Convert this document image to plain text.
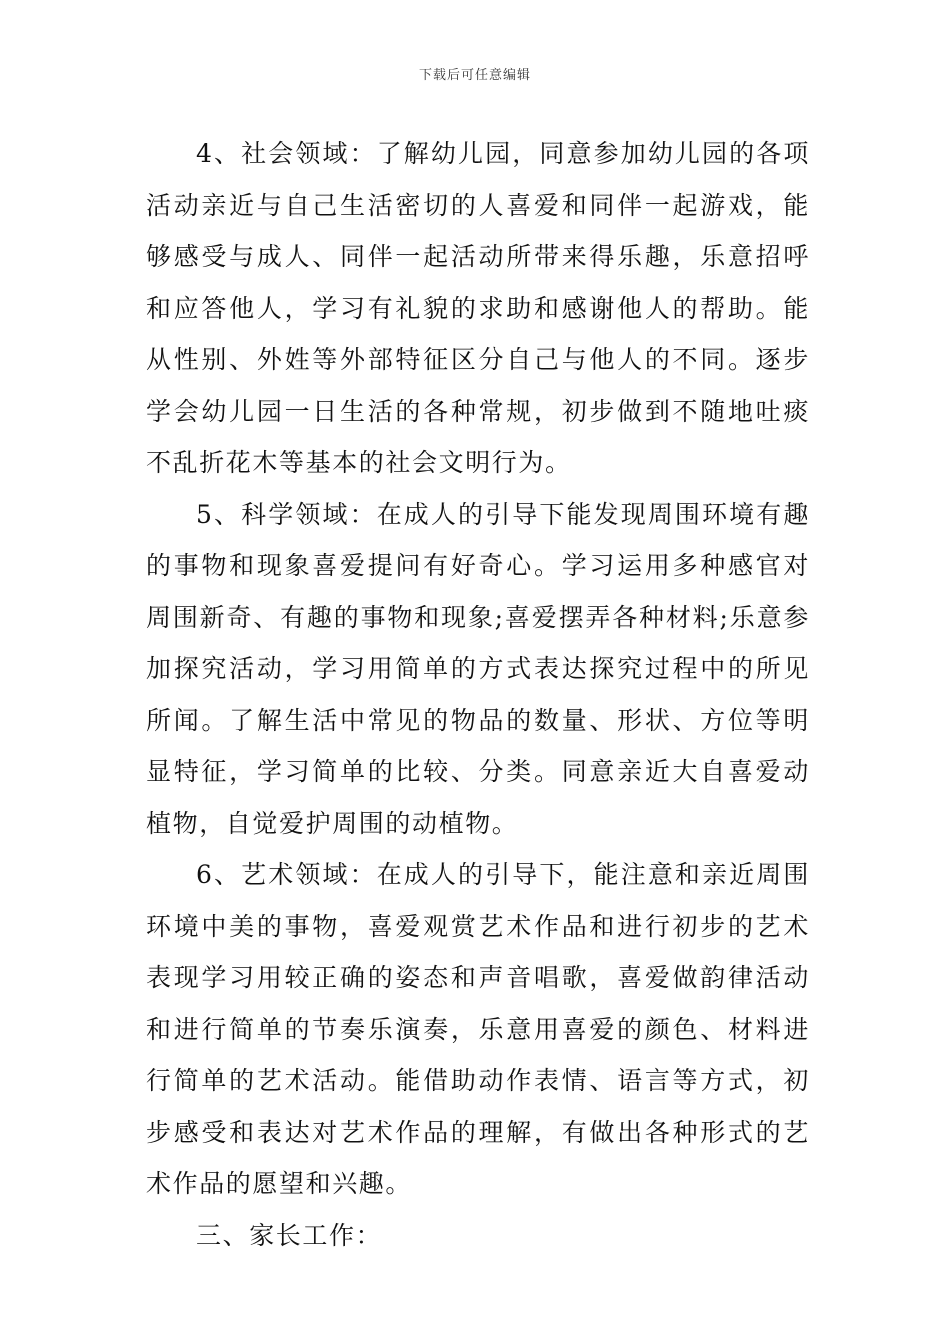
下载后可任意编辑

4、社会领域：了解幼儿园，同意参加幼儿园的各项活动亲近与自己生活密切的人喜爱和同伴一起游戏，能够感受与成人、同伴一起活动所带来得乐趣，乐意招呼和应答他人，学习有礼貌的求助和感谢他人的帮助。能从性别、外姓等外部特征区分自己与他人的不同。逐步学会幼儿园一日生活的各种常规，初步做到不随地吐痰不乱折花木等基本的社会文明行为。

5、科学领域：在成人的引导下能发现周围环境有趣的事物和现象喜爱提问有好奇心。学习运用多种感官对周围新奇、有趣的事物和现象;喜爱摆弄各种材料;乐意参加探究活动，学习用简单的方式表达探究过程中的所见所闻。了解生活中常见的物品的数量、形状、方位等明显特征，学习简单的比较、分类。同意亲近大自喜爱动植物，自觉爱护周围的动植物。

6、艺术领域：在成人的引导下，能注意和亲近周围环境中美的事物，喜爱观赏艺术作品和进行初步的艺术表现学习用较正确的姿态和声音唱歌，喜爱做韵律活动和进行简单的节奏乐演奏，乐意用喜爱的颜色、材料进行简单的艺术活动。能借助动作表情、语言等方式，初步感受和表达对艺术作品的理解，有做出各种形式的艺术作品的愿望和兴趣。

三、家长工作：
